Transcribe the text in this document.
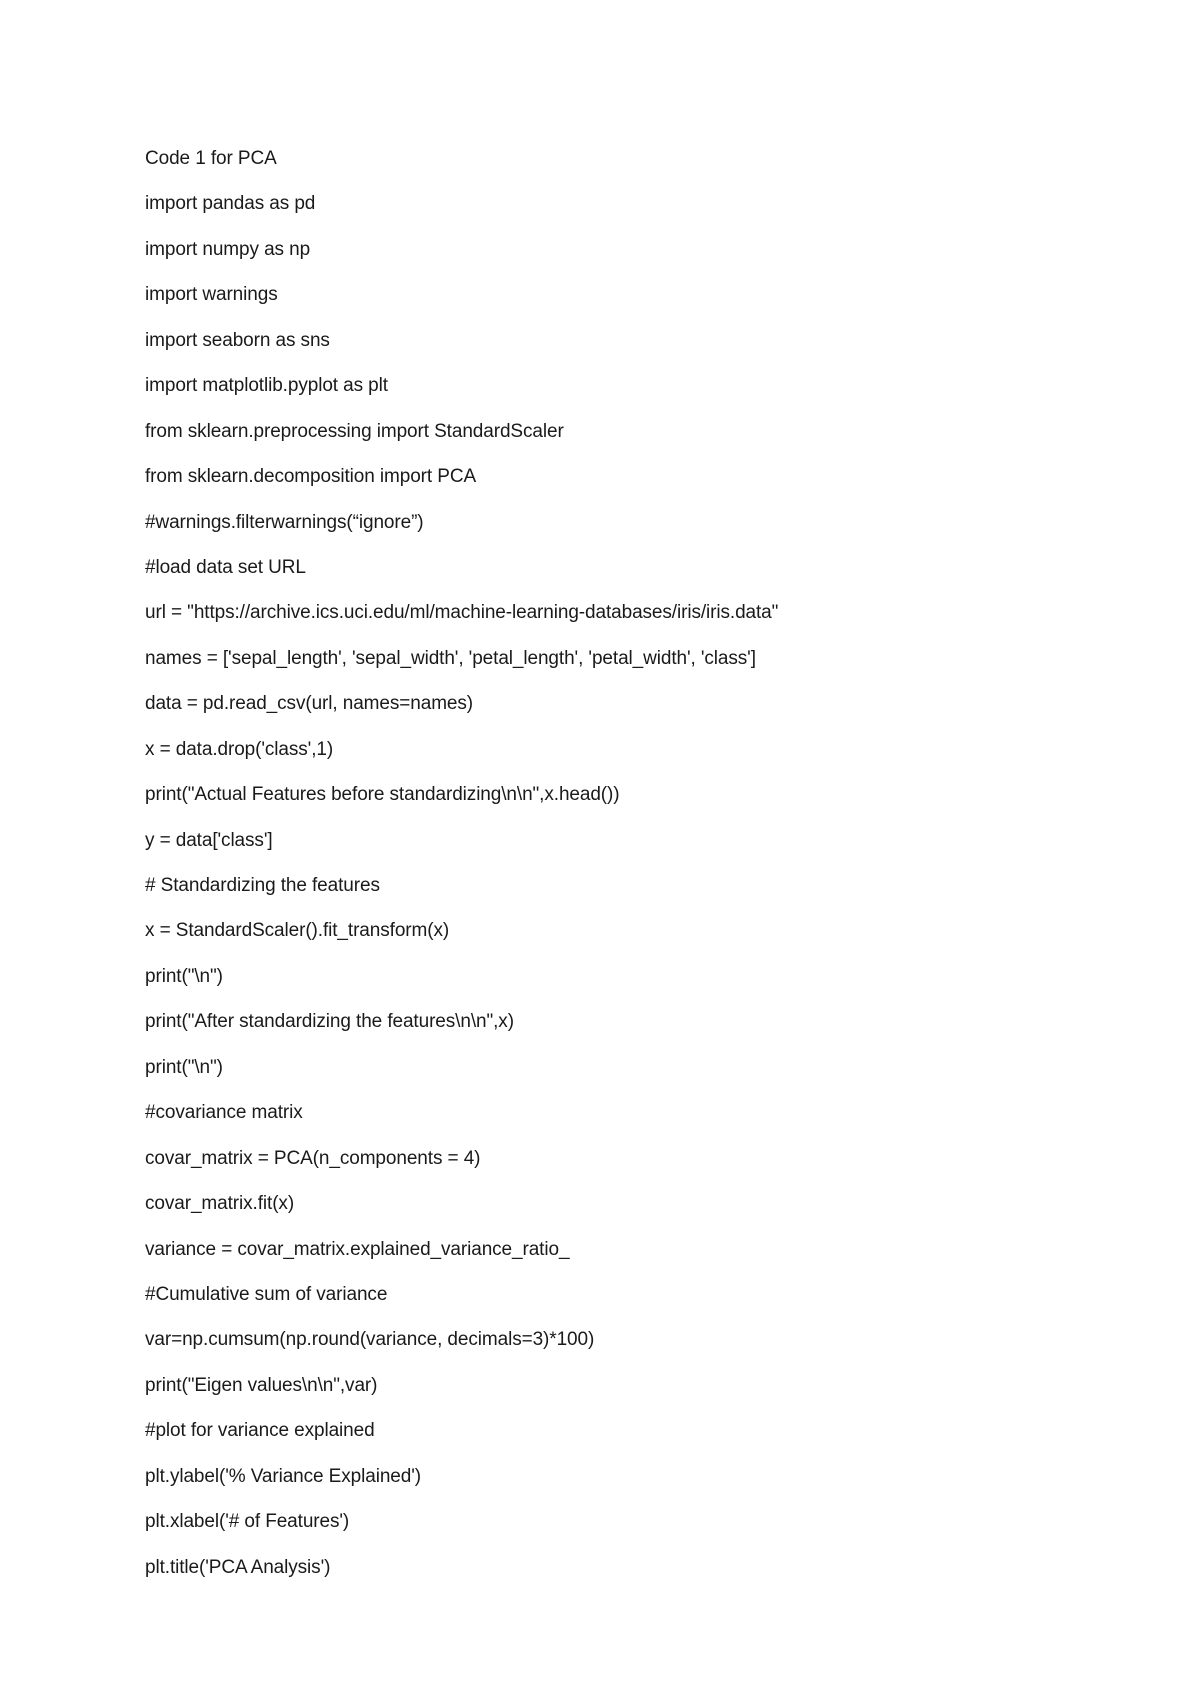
Code 1 for PCA
import pandas as pd
import numpy as np
import warnings
import seaborn as sns
import matplotlib.pyplot as plt
from sklearn.preprocessing import StandardScaler
from sklearn.decomposition import PCA
#warnings.filterwarnings(“ignore”)
#load data set URL
url = "https://archive.ics.uci.edu/ml/machine-learning-databases/iris/iris.data"
names = ['sepal_length', 'sepal_width', 'petal_length', 'petal_width', 'class']
data = pd.read_csv(url, names=names)
x = data.drop('class',1)
print("Actual Features before standardizing\n\n",x.head())
y = data['class']
# Standardizing the features
x = StandardScaler().fit_transform(x)
print("\n")
print("After standardizing the features\n\n",x)
print("\n")
#covariance matrix
covar_matrix = PCA(n_components = 4)
covar_matrix.fit(x)
variance = covar_matrix.explained_variance_ratio_
#Cumulative sum of variance
var=np.cumsum(np.round(variance, decimals=3)*100)
print("Eigen values\n\n",var)
#plot for variance explained
plt.ylabel('% Variance Explained')
plt.xlabel('# of Features')
plt.title('PCA Analysis')
